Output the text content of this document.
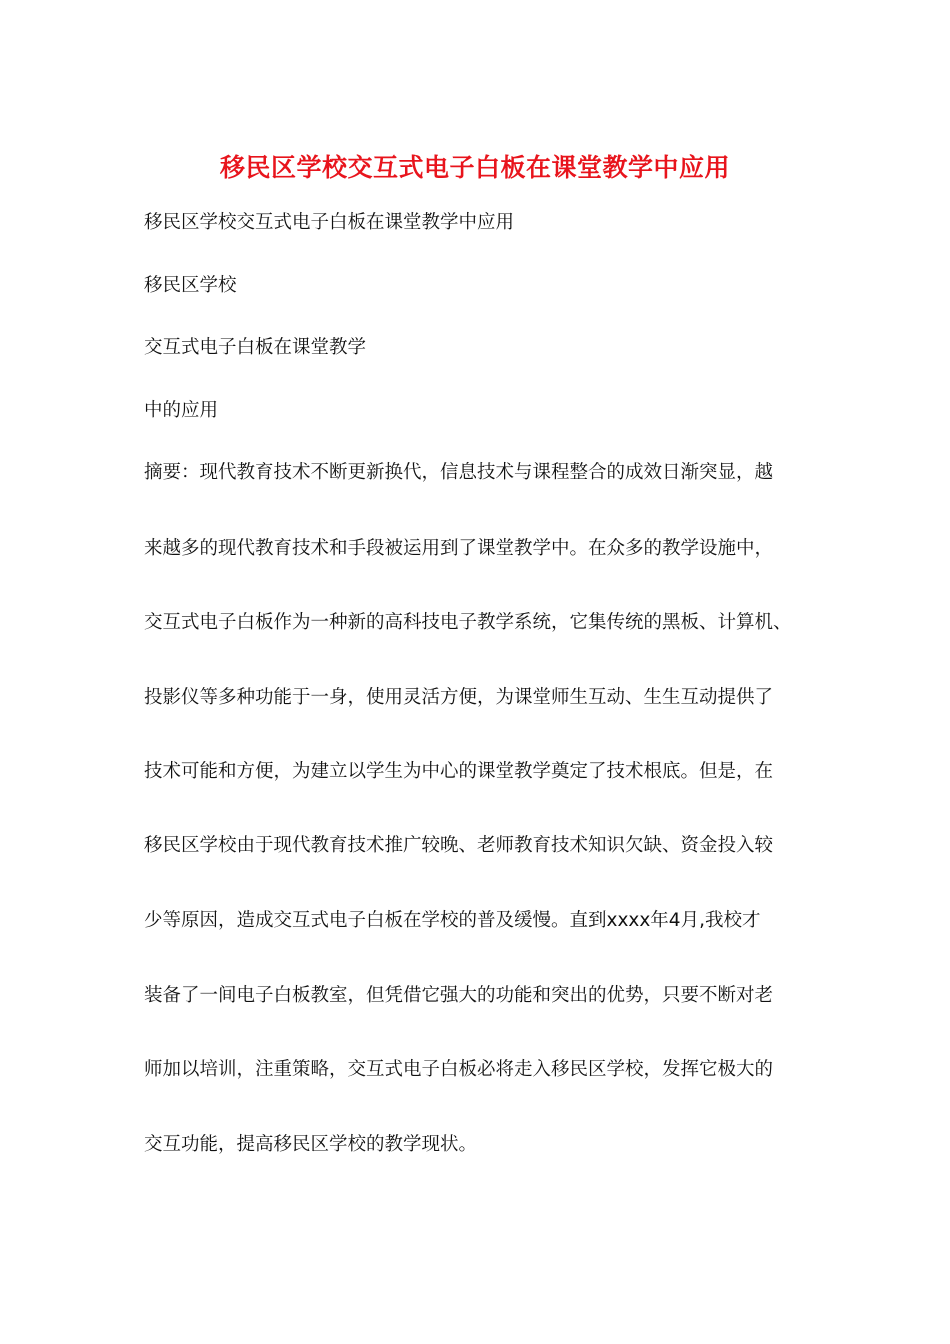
移民区学校交互式电子白板在课堂教学中应用
移民区学校交互式电子白板在课堂教学中应用
移民区学校
交互式电子白板在课堂教学
中的应用
摘要：现代教育技术不断更新换代，信息技术与课程整合的成效日渐突显，越
来越多的现代教育技术和手段被运用到了课堂教学中。在众多的教学设施中，
交互式电子白板作为一种新的高科技电子教学系统，它集传统的黑板、计算机、
投影仪等多种功能于一身，使用灵活方便，为课堂师生互动、生生互动提供了
技术可能和方便，为建立以学生为中心的课堂教学奠定了技术根底。但是，在
移民区学校由于现代教育技术推广较晚、老师教育技术知识欠缺、资金投入较
少等原因，造成交互式电子白板在学校的普及缓慢。直到xxxx年4月,我校才
装备了一间电子白板教室，但凭借它强大的功能和突出的优势，只要不断对老
师加以培训，注重策略，交互式电子白板必将走入移民区学校，发挥它极大的
交互功能，提高移民区学校的教学现状。
